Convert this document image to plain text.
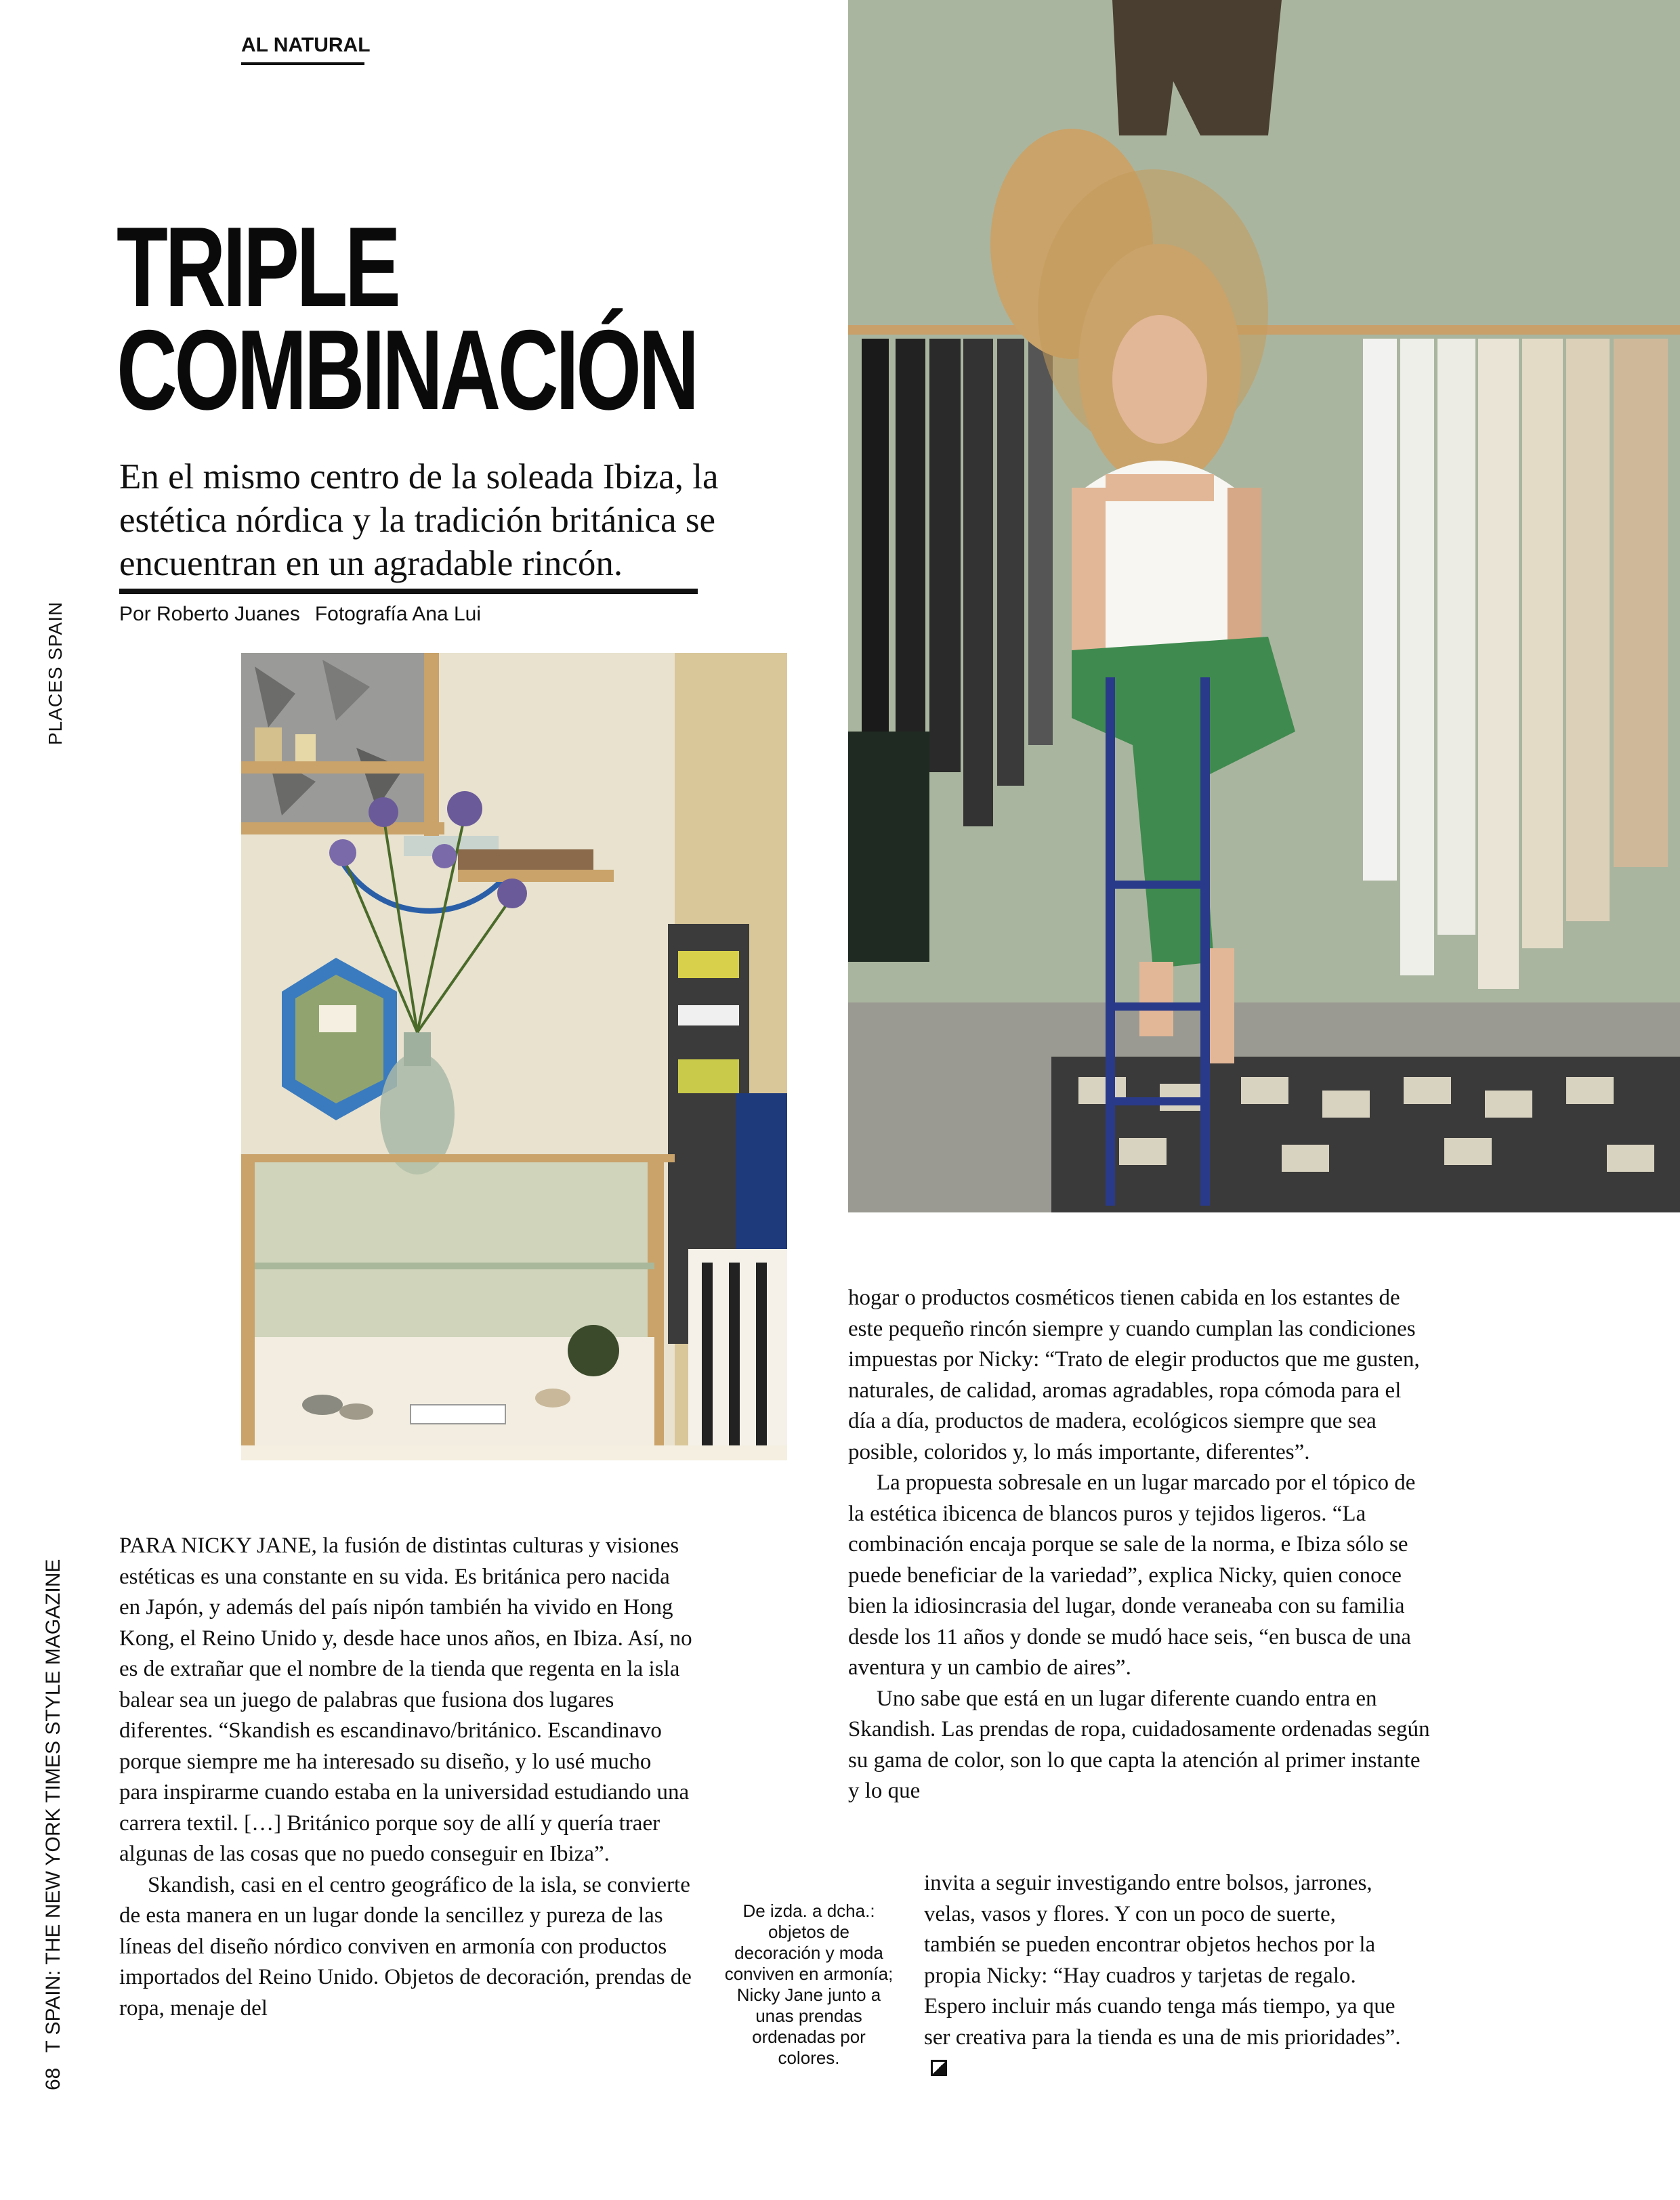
AL NATURAL
PLACES SPAIN
68T SPAIN: THE NEW YORK TIMES STYLE MAGAZINE
TRIPLE
COMBINACIÓN
En el mismo centro de la soleada Ibiza, la estética nórdica y la tradición británica se encuentran en un agradable rincón.
Por Roberto Juanes Fotografía Ana Lui

PARA NICKY JANE, la fusión de distintas culturas y visiones estéticas es una constante en su vida. Es británica pero nacida en Japón, y además del país nipón también ha vivido en Hong Kong, el Reino Unido y, desde hace unos años, en Ibiza. Así, no es de extrañar que el nombre de la tienda que regenta en la isla balear sea un juego de palabras que fusiona dos lugares diferentes. “Skandish es escandinavo/británico. Escandinavo porque siempre me ha interesado su diseño, y lo usé mucho para inspirarme cuando estaba en la universidad estudiando una carrera textil. […] Británico porque soy de allí y quería traer algunas de las cosas que no puedo conseguir en Ibiza”.

Skandish, casi en el centro geográfico de la isla, se convierte de esta manera en un lugar donde la sencillez y pureza de las líneas del diseño nórdico conviven en armonía con productos importados del Reino Unido. Objetos de decoración, prendas de ropa, menaje del

hogar o productos cosméticos tienen cabida en los estantes de este pequeño rincón siempre y cuando cumplan las condiciones impuestas por Nicky: “Trato de elegir productos que me gusten, naturales, de calidad, aromas agradables, ropa cómoda para el día a día, productos de madera, ecológicos siempre que sea posible, coloridos y, lo más importante, diferentes”.

La propuesta sobresale en un lugar marcado por el tópico de la estética ibicenca de blancos puros y tejidos ligeros. “La combinación encaja porque se sale de la norma, e Ibiza sólo se puede beneficiar de la variedad”, explica Nicky, quien conoce bien la idiosincrasia del lugar, donde veraneaba con su familia desde los 11 años y donde se mudó hace seis, “en busca de una aventura y un cambio de aires”.

Uno sabe que está en un lugar diferente cuando entra en Skandish. Las prendas de ropa, cuidadosamente ordenadas según su gama de color, son lo que capta la atención al primer instante y lo que

De izda. a dcha.: objetos de decoración y moda conviven en armonía; Nicky Jane junto a unas prendas ordenadas por colores.

invita a seguir investigando entre bolsos, jarrones, velas, vasos y flores. Y con un poco de suerte, también se pueden encontrar objetos hechos por la propia Nicky: “Hay cuadros y tarjetas de regalo. Espero incluir más cuando tenga más tiempo, ya que ser creativa para la tienda es una de mis prioridades”.
